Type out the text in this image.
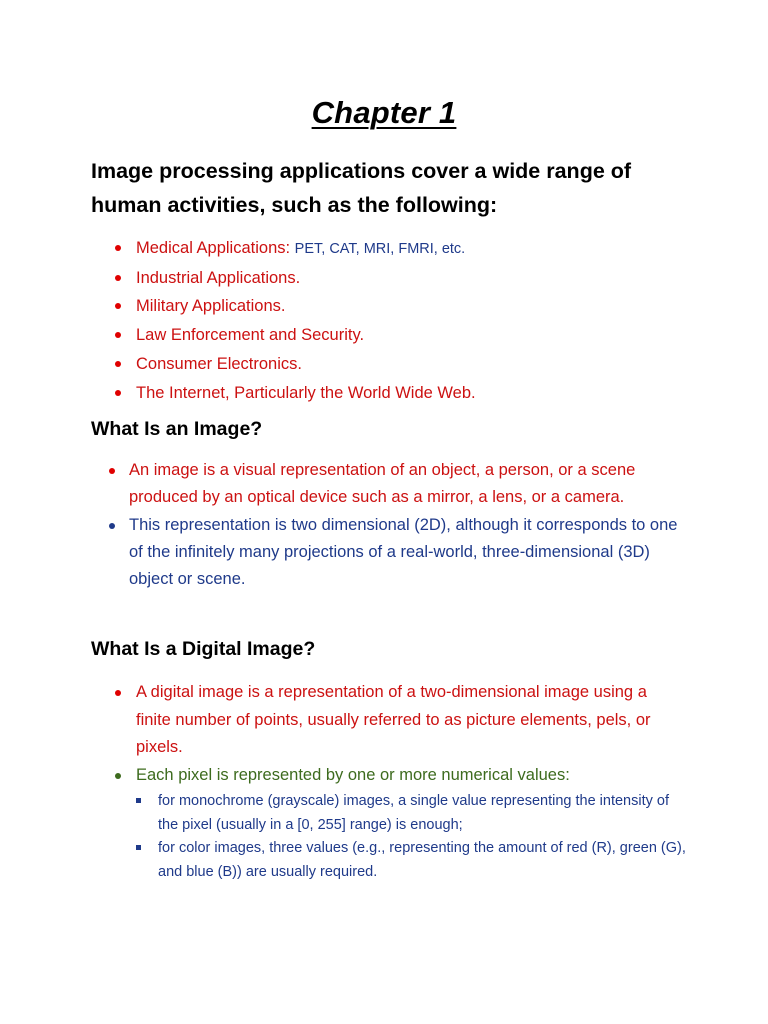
Chapter 1
Image processing applications cover a wide range of human activities, such as the following:
Medical Applications: PET, CAT, MRI, FMRI, etc.
Industrial Applications.
Military Applications.
Law Enforcement and Security.
Consumer Electronics.
The Internet, Particularly the World Wide Web.
What Is an Image?
An image is a visual representation of an object, a person, or a scene produced by an optical device such as a mirror, a lens, or a camera.
This representation is two dimensional (2D), although it corresponds to one of the infinitely many projections of a real-world, three-dimensional (3D) object or scene.
What Is a Digital Image?
A digital image is a representation of a two-dimensional image using a finite number of points, usually referred to as picture elements, pels, or pixels.
Each pixel is represented by one or more numerical values:
for monochrome (grayscale) images, a single value representing the intensity of the pixel (usually in a [0, 255] range) is enough;
for color images, three values (e.g., representing the amount of red (R), green (G), and blue (B)) are usually required.
